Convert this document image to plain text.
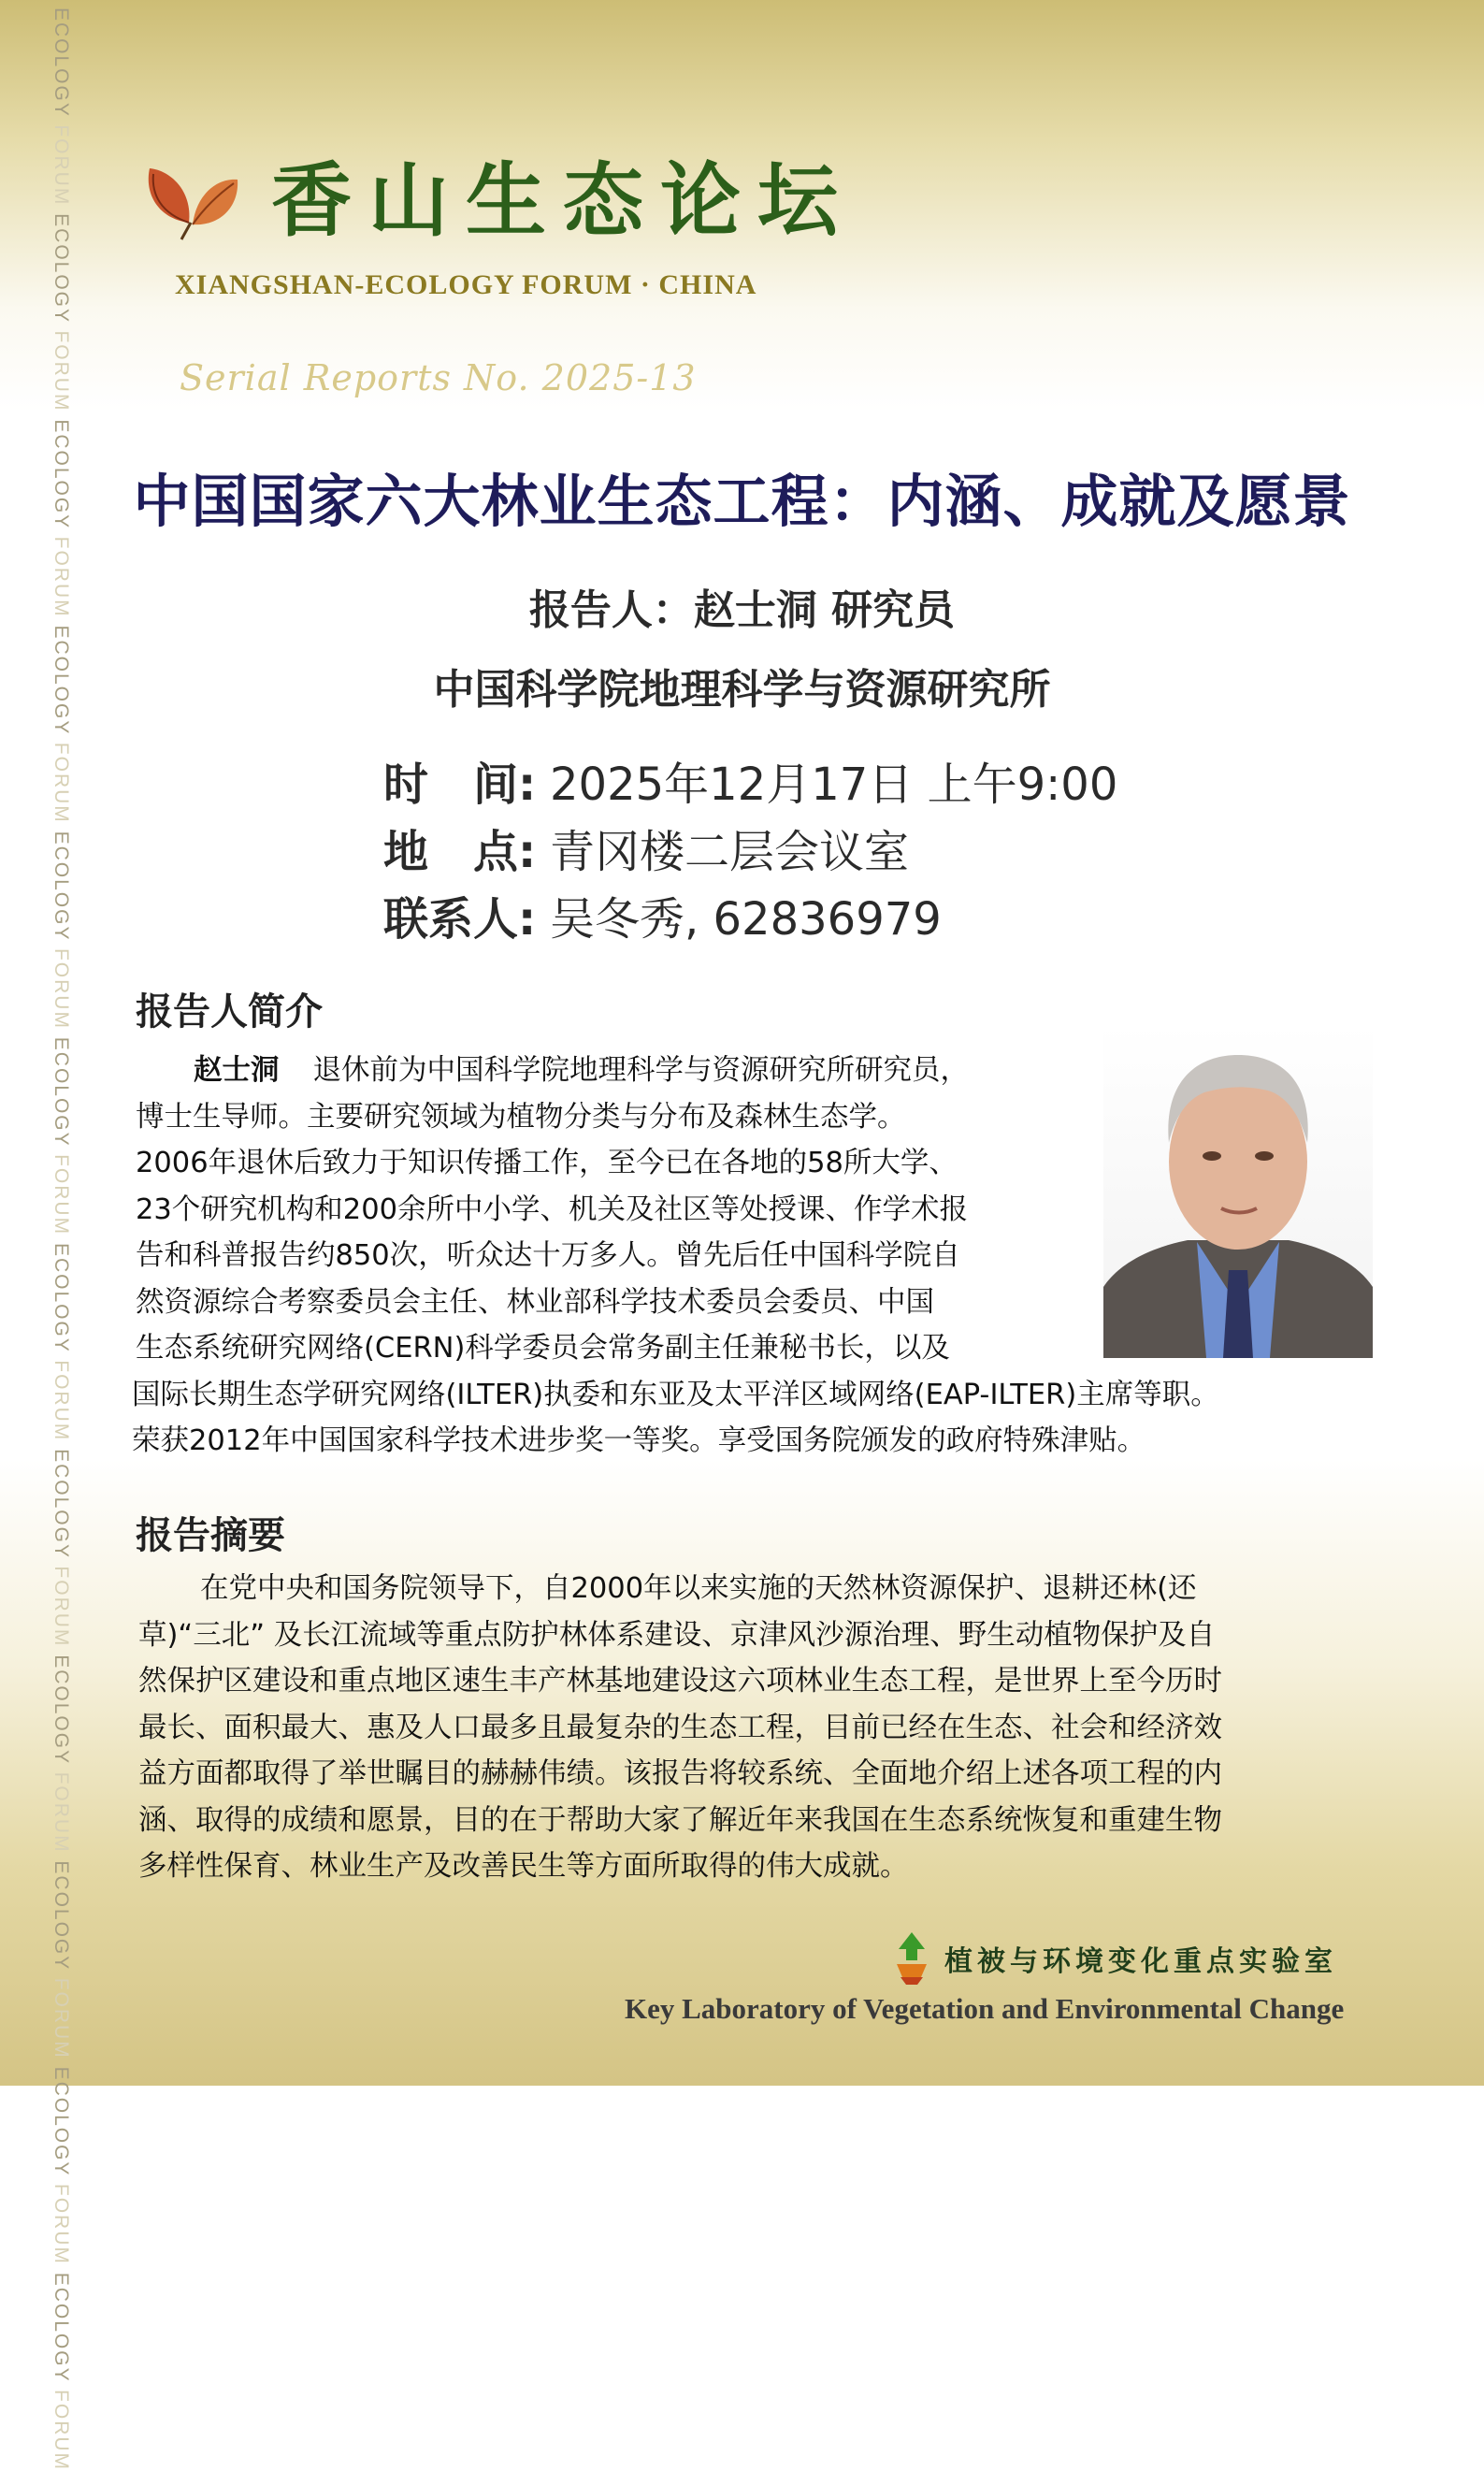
ECOLOGY FORUM ECOLOGY FORUM ECOLOGY FORUM ECOLOGY FORUM ECOLOGY FORUM ECOLOGY FORUM ECOLOGY FORUM ECOLOGY FORUM ECOLOGY FORUM ECOLOGY FORUM ECOLOGY FORUM ECOLOGY FORUM
香山生态论坛
XIANGSHAN-ECOLOGY FORUM · CHINA
Serial Reports No. 2025-13
中国国家六大林业生态工程：内涵、成就及愿景
报告人：赵士洞 研究员
中国科学院地理科学与资源研究所
时　间: 2025年12月17日 上午9:00
地　点: 青冈楼二层会议室
联系人: 吴冬秀, 62836979
报告人简介
赵士洞 退休前为中国科学院地理科学与资源研究所研究员，
博士生导师。主要研究领域为植物分类与分布及森林生态学。
2006年退休后致力于知识传播工作，至今已在各地的58所大学、
23个研究机构和200余所中小学、机关及社区等处授课、作学术报
告和科普报告约850次，听众达十万多人。曾先后任中国科学院自
然资源综合考察委员会主任、林业部科学技术委员会委员、中国
生态系统研究网络(CERN)科学委员会常务副主任兼秘书长，以及
国际长期生态学研究网络(ILTER)执委和东亚及太平洋区域网络(EAP-ILTER)主席等职。
荣获2012年中国国家科学技术进步奖一等奖。享受国务院颁发的政府特殊津贴。
报告摘要
在党中央和国务院领导下，自2000年以来实施的天然林资源保护、退耕还林(还
草)“三北” 及长江流域等重点防护林体系建设、京津风沙源治理、野生动植物保护及自
然保护区建设和重点地区速生丰产林基地建设这六项林业生态工程，是世界上至今历时
最长、面积最大、惠及人口最多且最复杂的生态工程，目前已经在生态、社会和经济效
益方面都取得了举世瞩目的赫赫伟绩。该报告将较系统、全面地介绍上述各项工程的内
涵、取得的成绩和愿景，目的在于帮助大家了解近年来我国在生态系统恢复和重建生物
多样性保育、林业生产及改善民生等方面所取得的伟大成就。
植被与环境变化重点实验室
Key Laboratory of Vegetation and Environmental Change
